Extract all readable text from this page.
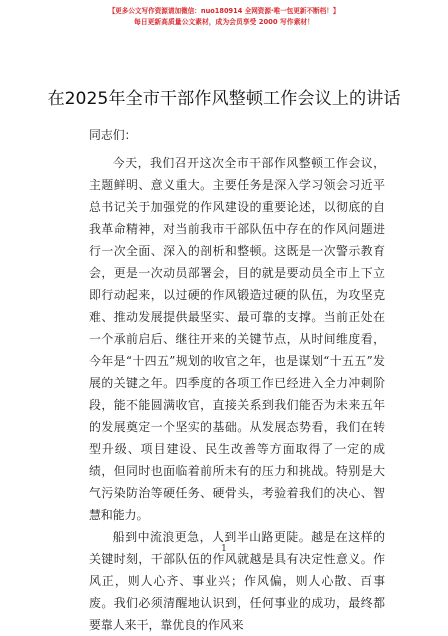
【更多公文写作资源请加微信：nuo180914 全网资源·唯一包更新不断档！】
每日更新高质量公文素材，成为会员享受 2000 写作素材！
在2025年全市干部作风整顿工作会议上的讲话

同志们：

今天，我们召开这次全市干部作风整顿工作会议，主题鲜明、意义重大。主要任务是深入学习领会习近平总书记关于加强党的作风建设的重要论述，以彻底的自我革命精神，对当前我市干部队伍中存在的作风问题进行一次全面、深入的剖析和整顿。这既是一次警示教育会，更是一次动员部署会，目的就是要动员全市上下立即行动起来，以过硬的作风锻造过硬的队伍，为攻坚克难、推动发展提供最坚实、最可靠的支撑。当前正处在一个承前启后、继往开来的关键节点，从时间维度看，今年是“十四五”规划的收官之年，也是谋划“十五五”发展的关键之年。四季度的各项工作已经进入全力冲刺阶段，能不能圆满收官，直接关系到我们能否为未来五年的发展奠定一个坚实的基础。从发展态势看，我们在转型升级、项目建设、民生改善等方面取得了一定的成绩，但同时也面临着前所未有的压力和挑战。特别是大气污染防治等硬任务、硬骨头，考验着我们的决心、智慧和能力。

船到中流浪更急，人到半山路更陡。越是在这样的关键时刻，干部队伍的作风就越是具有决定性意义。作风正，则人心齐、事业兴；作风偏，则人心散、百事废。我们必须清醒地认识到，任何事业的成功，最终都要靠人来干，靠优良的作风来

1
